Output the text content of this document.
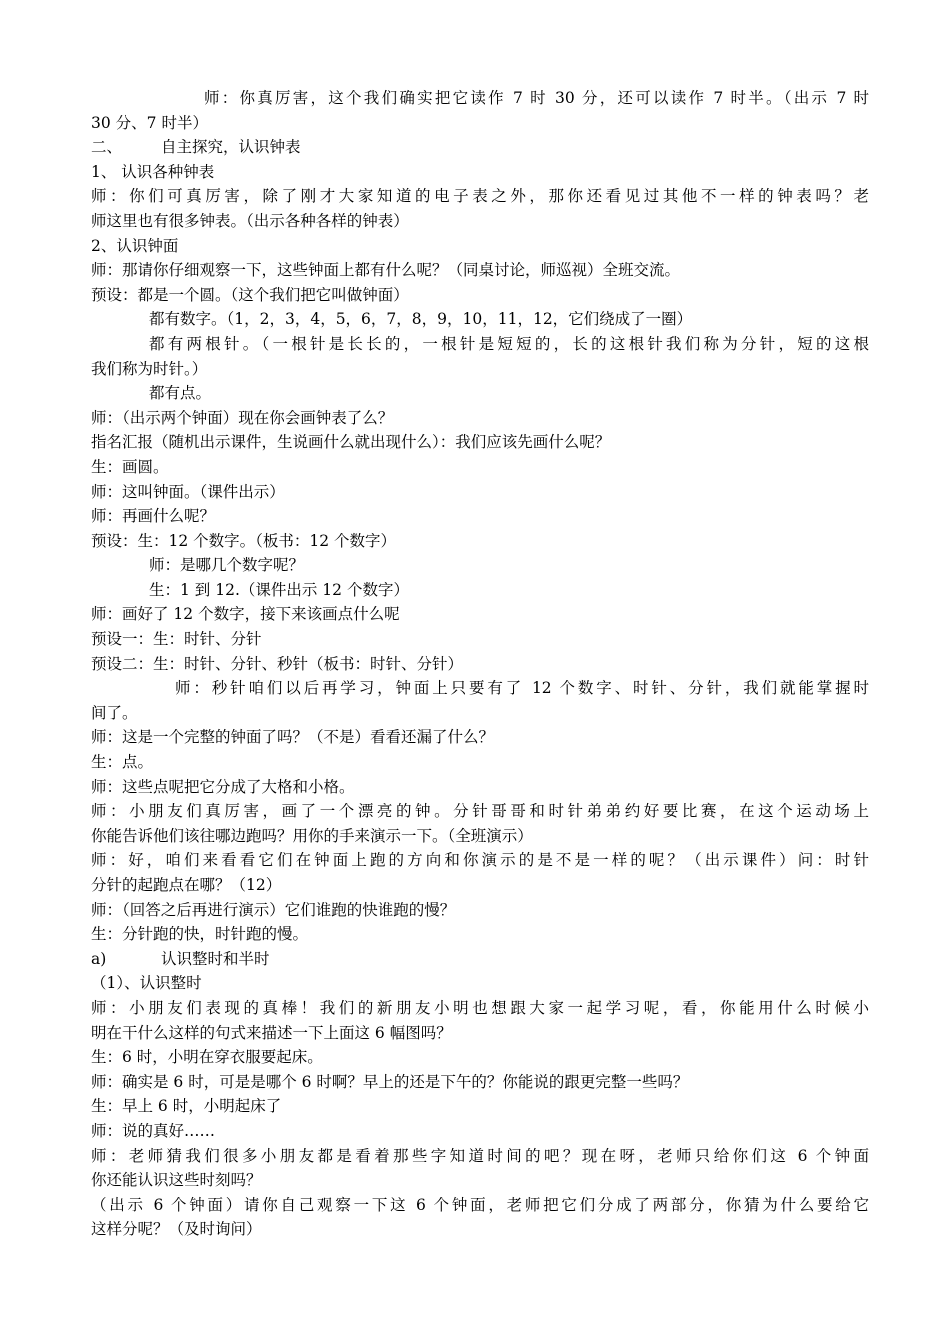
师：你真厉害，这个我们确实把它读作 7 时 30 分，还可以读作 7 时半。（出示 7 时
30 分、7 时半）
二、	自主探究，认识钟表
1、 认识各种钟表
师：你们可真厉害，除了刚才大家知道的电子表之外，那你还看见过其他不一样的钟表吗？老
师这里也有很多钟表。（出示各种各样的钟表）
2、认识钟面
师：那请你仔细观察一下，这些钟面上都有什么呢？（同桌讨论，师巡视）全班交流。
预设：都是一个圆。（这个我们把它叫做钟面）
都有数字。（1，2，3，4，5，6，7，8，9，10，11，12，它们绕成了一圈）
都有两根针。（一根针是长长的，一根针是短短的，长的这根针我们称为分针，短的这根
我们称为时针。）
都有点。
师：（出示两个钟面）现在你会画钟表了么？
指名汇报（随机出示课件，生说画什么就出现什么）：我们应该先画什么呢？
生：画圆。
师：这叫钟面。（课件出示）
师：再画什么呢？
预设：生：12 个数字。（板书：12 个数字）
师：是哪几个数字呢？
生：1 到 12.（课件出示 12 个数字）
师：画好了 12 个数字，接下来该画点什么呢
预设一：生：时针、分针
预设二：生：时针、分针、秒针（板书：时针、分针）
师：秒针咱们以后再学习，钟面上只要有了 12 个数字、时针、分针，我们就能掌握时
间了。
师：这是一个完整的钟面了吗？（不是）看看还漏了什么？
生：点。
师：这些点呢把它分成了大格和小格。
师：小朋友们真厉害，画了一个漂亮的钟。分针哥哥和时针弟弟约好要比赛，在这个运动场上
你能告诉他们该往哪边跑吗？用你的手来演示一下。（全班演示）
师：好，咱们来看看它们在钟面上跑的方向和你演示的是不是一样的呢？（出示课件）问：时针
分针的起跑点在哪？（12）
师：（回答之后再进行演示）它们谁跑的快谁跑的慢？
生：分针跑的快，时针跑的慢。
a)	认识整时和半时
（1）、认识整时
师：小朋友们表现的真棒！我们的新朋友小明也想跟大家一起学习呢，看，你能用什么时候小
明在干什么这样的句式来描述一下上面这 6 幅图吗？
生：6 时，小明在穿衣服要起床。
师：确实是 6 时，可是是哪个 6 时啊？早上的还是下午的？你能说的跟更完整一些吗？
生：早上 6 时，小明起床了
师：说的真好……
师：老师猜我们很多小朋友都是看着那些字知道时间的吧？现在呀，老师只给你们这 6 个钟面
你还能认识这些时刻吗？
（出示 6 个钟面）请你自己观察一下这 6 个钟面，老师把它们分成了两部分，你猜为什么要给它
这样分呢？（及时询问）
